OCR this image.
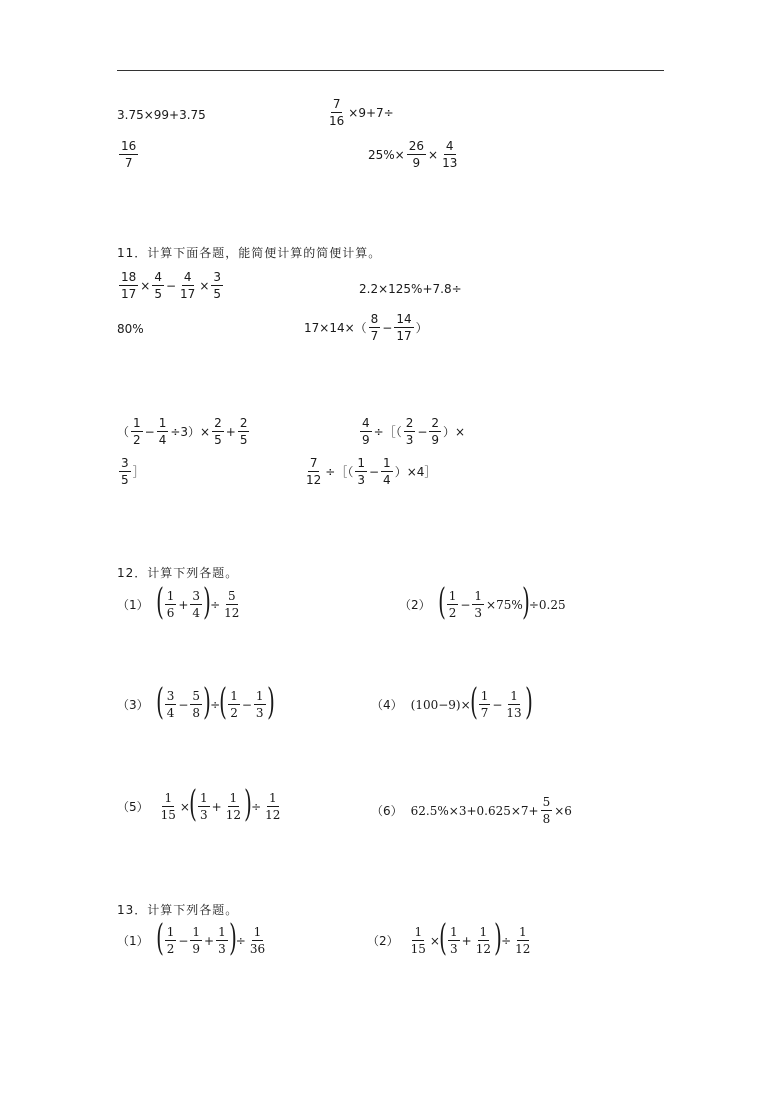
3.75×99+3.75	$\frac{7}{16} \times 9+7\div$
$\frac{16}{7}$	$25\%\times \frac{26}{9} \times \frac{4}{13}$
11．计算下面各题，能简便计算的简便计算。
$\frac{18}{17} \times \frac{4}{5} - \frac{4}{17} \times \frac{3}{5}$	2.2×125%+7.8÷
80%	$17\times 14\times( \frac{8}{7} - \frac{14}{17}$ ）
（ $\frac{1}{2} - \frac{1}{4} \div 3)\times \frac{2}{5} + \frac{2}{5}$	$\frac{4}{9}$ ÷［（ $\frac{2}{3} - \frac{2}{9}$ ）×
$\frac{3}{5}$ ］	$\frac{7}{12}$ ÷［（ $\frac{1}{3} - \frac{1}{4}$ ）×4］
12．计算下列各题。
（1） ( $\frac{1}{6} + \frac{3}{4}$ ) ÷ $\frac{5}{12}$	（2） ( $\frac{1}{2} - \frac{1}{3} \times 75\%$ ) ÷0.25
（3） ( $\frac{3}{4} - \frac{5}{8}$ ) ÷ ( $\frac{1}{2} - \frac{1}{3}$ )	（4） (100−9)× ( $\frac{1}{7} - \frac{1}{13}$ )
$(5) \frac{1}{15}$ × ( $\frac{1}{3} + \frac{1}{12}$ ) ÷ $\frac{1}{12}$	（6） $62.5\%\times 3+0.625\times 7+ \frac{5}{8} \times 6$
13．计算下列各题。
（1） ( $\frac{1}{2} - \frac{1}{9} + \frac{1}{3}$ ) ÷ $\frac{1}{36}$	$(2) \frac{1}{15}$ × ( $\frac{1}{3} + \frac{1}{12}$ ) ÷ $\frac{1}{12}$
